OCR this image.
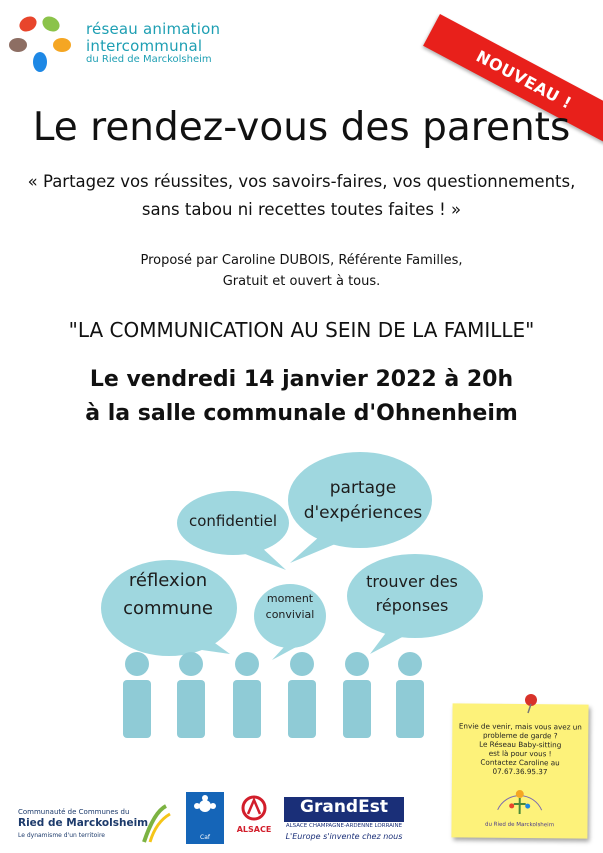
réseau animation
intercommunal
du Ried de Marckolsheim	NOUVEAU !
Le rendez-vous des parents
« Partagez vos réussites, vos savoirs-faires, vos questionnements,
sans tabou ni recettes toutes faites ! »
Proposé par Caroline DUBOIS, Référente Familles,
Gratuit et ouvert à tous.
"LA COMMUNICATION AU SEIN DE LA FAMILLE"
Le vendredi 14 janvier 2022 à 20h
à la salle communale d'Ohnenheim
confidentiel
partage
d'expériences
réflexion
commune	moment
convivial
trouver des
réponses
Envie de venir, mais vous avez un
probleme de garde ?
Le Réseau Baby-sitting
est là pour vous !
Contactez Caroline au 07.67.36.95.37
du Ried de Marckolsheim
Communauté de Communes du
Ried de Marckolsheim
Le dynamisme d'un territoire	Caf
ALSACE
GrandEst
ALSACE CHAMPAGNE-ARDENNE LORRAINE
L'Europe s'invente chez nous
